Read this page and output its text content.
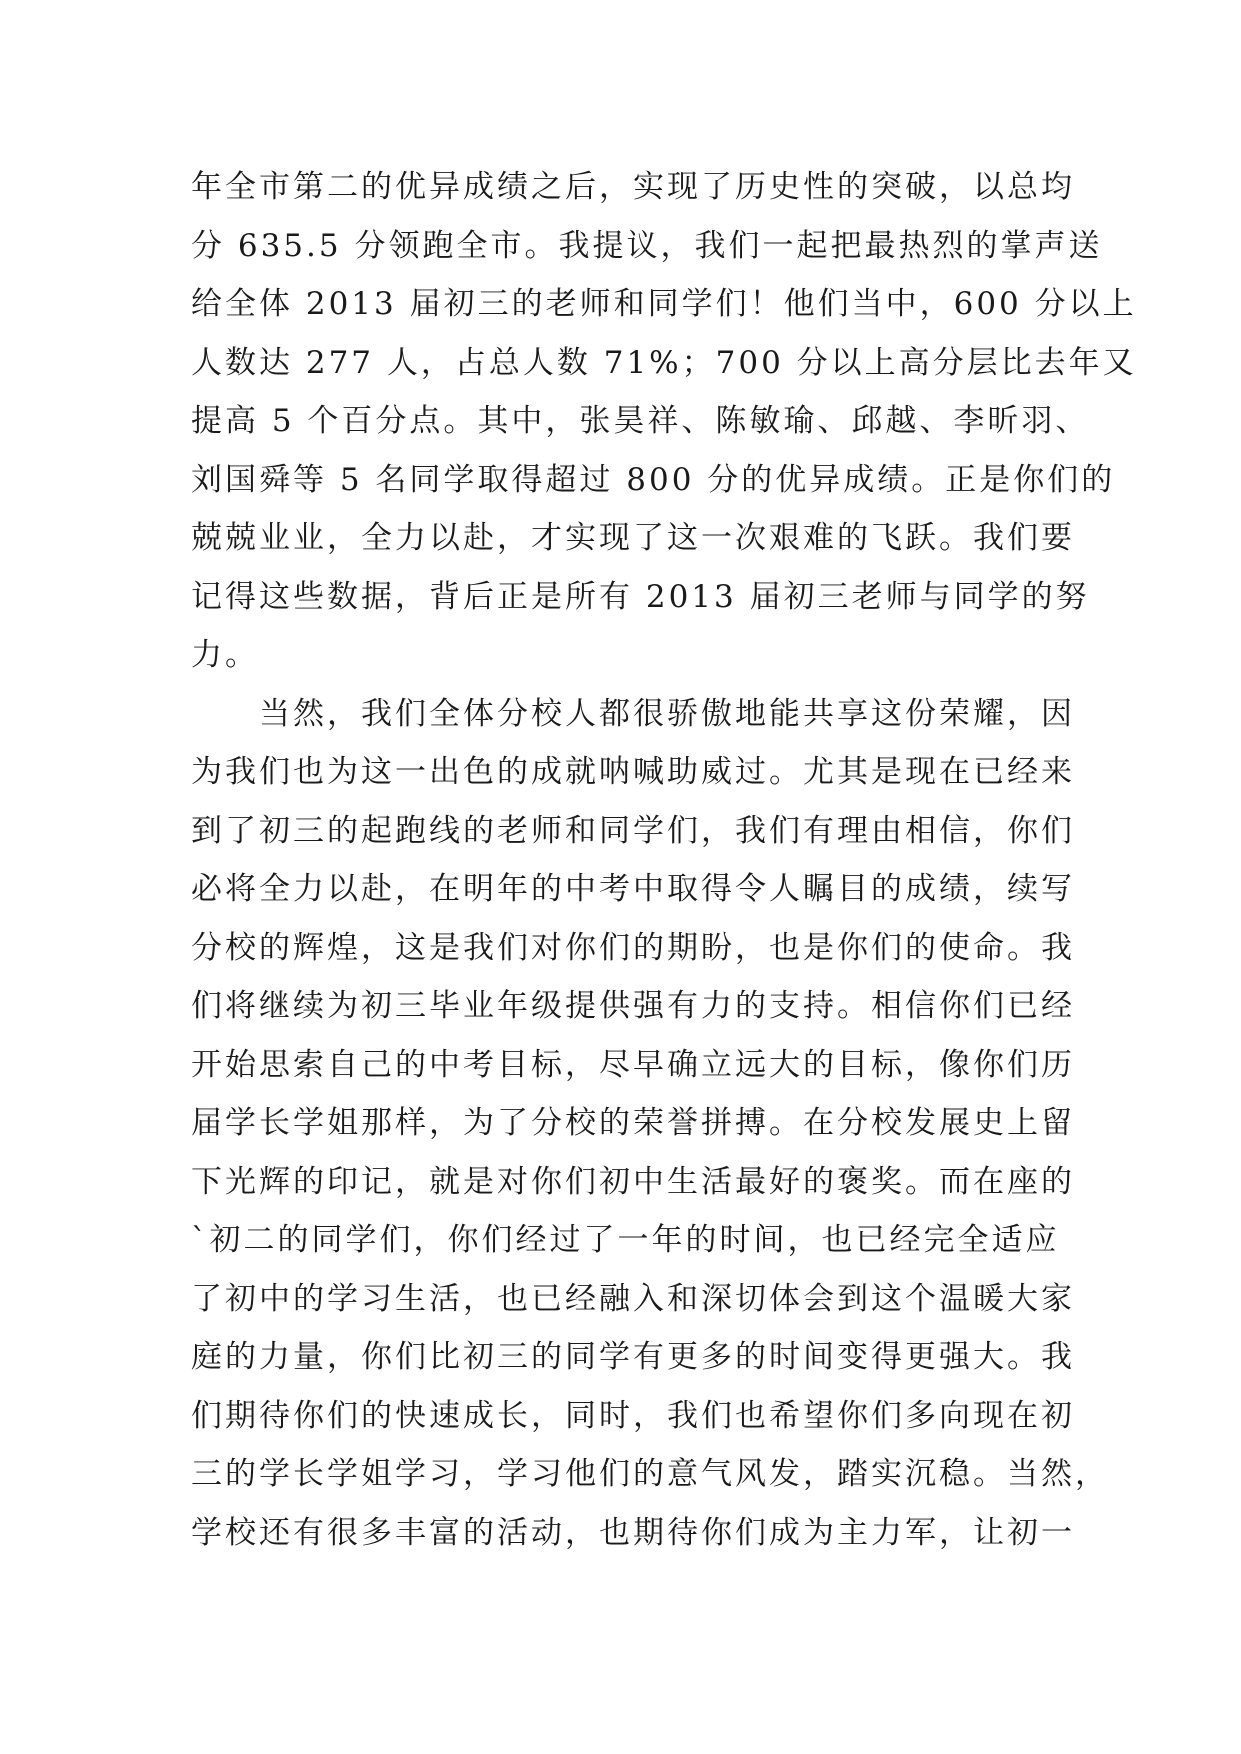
年全市第二的优异成绩之后，实现了历史性的突破，以总均
分 635.5 分领跑全市。我提议，我们一起把最热烈的掌声送
给全体 2013 届初三的老师和同学们！他们当中，600 分以上
人数达 277 人，占总人数 71%；700 分以上高分层比去年又
提高 5 个百分点。其中，张昊祥、陈敏瑜、邱越、李昕羽、
刘国舜等 5 名同学取得超过 800 分的优异成绩。正是你们的
兢兢业业，全力以赴，才实现了这一次艰难的飞跃。我们要
记得这些数据，背后正是所有 2013 届初三老师与同学的努
力。
　　当然，我们全体分校人都很骄傲地能共享这份荣耀，因
为我们也为这一出色的成就呐喊助威过。尤其是现在已经来
到了初三的起跑线的老师和同学们，我们有理由相信，你们
必将全力以赴，在明年的中考中取得令人瞩目的成绩，续写
分校的辉煌，这是我们对你们的期盼，也是你们的使命。我
们将继续为初三毕业年级提供强有力的支持。相信你们已经
开始思索自己的中考目标，尽早确立远大的目标，像你们历
届学长学姐那样，为了分校的荣誉拼搏。在分校发展史上留
下光辉的印记，就是对你们初中生活最好的褒奖。而在座的
`初二的同学们，你们经过了一年的时间，也已经完全适应
了初中的学习生活，也已经融入和深切体会到这个温暖大家
庭的力量，你们比初三的同学有更多的时间变得更强大。我
们期待你们的快速成长，同时，我们也希望你们多向现在初
三的学长学姐学习，学习他们的意气风发，踏实沉稳。当然，
学校还有很多丰富的活动，也期待你们成为主力军，让初一
